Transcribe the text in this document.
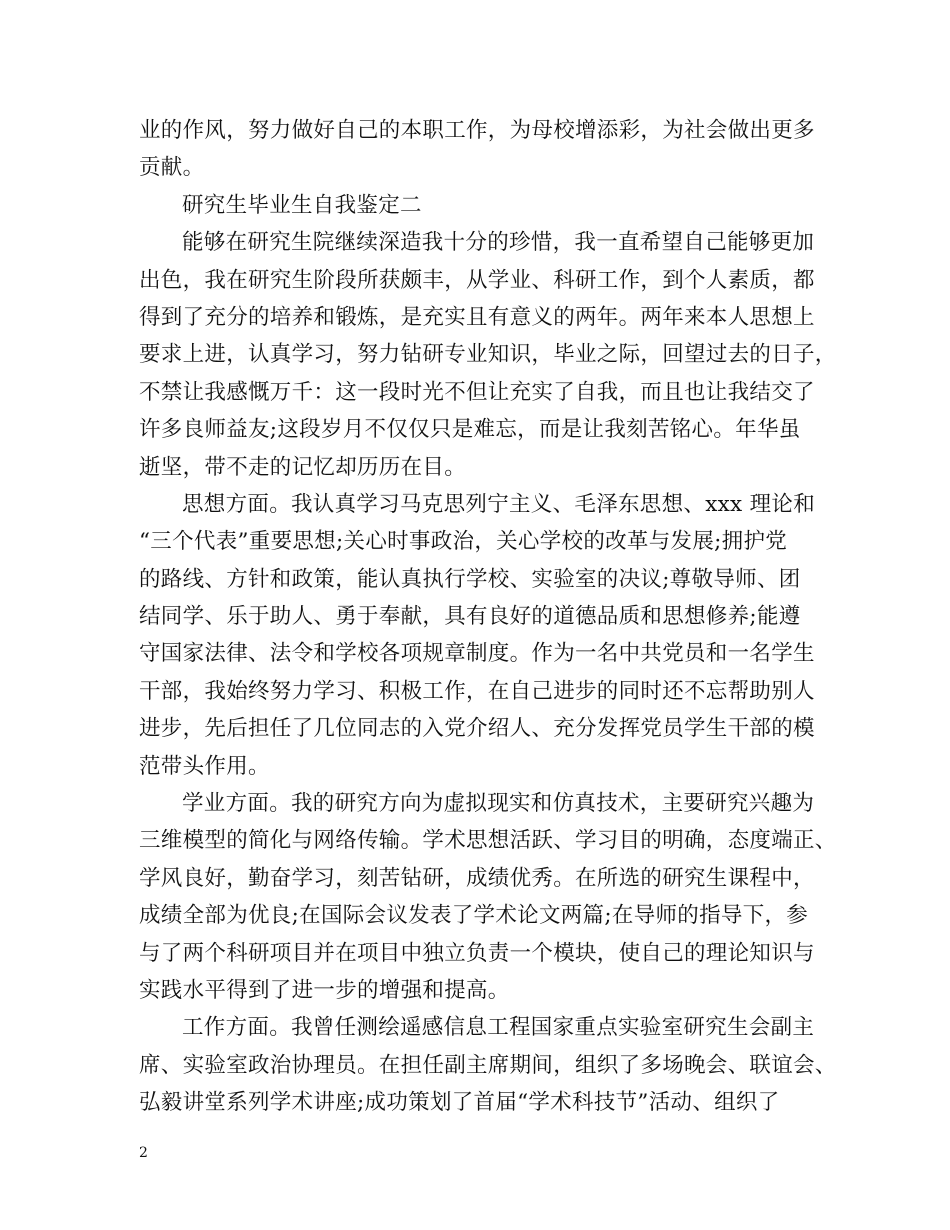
业的作风，努力做好自己的本职工作，为母校增添彩，为社会做出更多
贡献。
研究生毕业生自我鉴定二
能够在研究生院继续深造我十分的珍惜，我一直希望自己能够更加
出色，我在研究生阶段所获颇丰，从学业、科研工作，到个人素质，都
得到了充分的培养和锻炼，是充实且有意义的两年。两年来本人思想上
要求上进，认真学习，努力钻研专业知识，毕业之际，回望过去的日子，
不禁让我感慨万千：这一段时光不但让充实了自我，而且也让我结交了
许多良师益友;这段岁月不仅仅只是难忘，而是让我刻苦铭心。年华虽
逝坚，带不走的记忆却历历在目。
思想方面。我认真学习马克思列宁主义、毛泽东思想、xxx 理论和
“三个代表”重要思想;关心时事政治，关心学校的改革与发展;拥护党
的路线、方针和政策，能认真执行学校、实验室的决议;尊敬导师、团
结同学、乐于助人、勇于奉献，具有良好的道德品质和思想修养;能遵
守国家法律、法令和学校各项规章制度。作为一名中共党员和一名学生
干部，我始终努力学习、积极工作，在自己进步的同时还不忘帮助别人
进步，先后担任了几位同志的入党介绍人、充分发挥党员学生干部的模
范带头作用。
学业方面。我的研究方向为虚拟现实和仿真技术，主要研究兴趣为
三维模型的简化与网络传输。学术思想活跃、学习目的明确，态度端正、
学风良好，勤奋学习，刻苦钻研，成绩优秀。在所选的研究生课程中，
成绩全部为优良;在国际会议发表了学术论文两篇;在导师的指导下，参
与了两个科研项目并在项目中独立负责一个模块，使自己的理论知识与
实践水平得到了进一步的增强和提高。
工作方面。我曾任测绘遥感信息工程国家重点实验室研究生会副主
席、实验室政治协理员。在担任副主席期间，组织了多场晚会、联谊会、
弘毅讲堂系列学术讲座;成功策划了首届“学术科技节”活动、组织了
2
